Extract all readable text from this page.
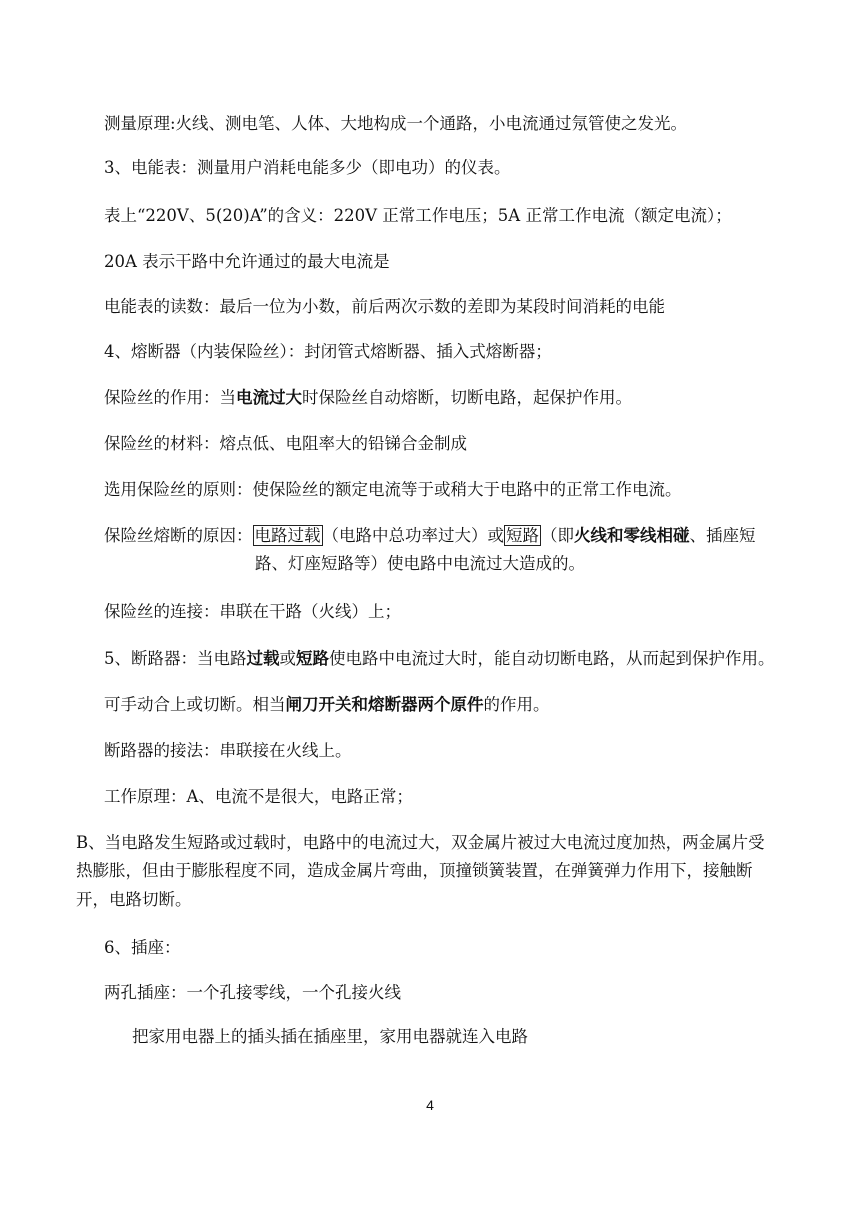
测量原理:火线、测电笔、人体、大地构成一个通路，小电流通过氖管使之发光。

3、电能表：测量用户消耗电能多少（即电功）的仪表。

表上“220V、5(20)A”的含义：220V 正常工作电压；5A 正常工作电流（额定电流）；

20A 表示干路中允许通过的最大电流是

电能表的读数：最后一位为小数，前后两次示数的差即为某段时间消耗的电能

4、熔断器（内装保险丝）：封闭管式熔断器、插入式熔断器；

保险丝的作用：当电流过大时保险丝自动熔断，切断电路，起保护作用。

保险丝的材料：熔点低、电阻率大的铅锑合金制成

选用保险丝的原则：使保险丝的额定电流等于或稍大于电路中的正常工作电流。

保险丝熔断的原因： 电路过载 （电路中总功率过大）或 短路 （即火线和零线相碰、插座短

路、灯座短路等）使电路中电流过大造成的。

保险丝的连接：串联在干路（火线）上；

5、断路器：当电路过载或短路使电路中电流过大时，能自动切断电路，从而起到保护作用。

可手动合上或切断。相当闸刀开关和熔断器两个原件的作用。

断路器的接法：串联接在火线上。

工作原理：A、电流不是很大，电路正常；

B、当电路发生短路或过载时，电路中的电流过大，双金属片被过大电流过度加热，两金属片受

热膨胀，但由于膨胀程度不同，造成金属片弯曲，顶撞锁簧装置，在弹簧弹力作用下，接触断

开，电路切断。

6、插座：

两孔插座：一个孔接零线，一个孔接火线

把家用电器上的插头插在插座里，家用电器就连入电路

4
